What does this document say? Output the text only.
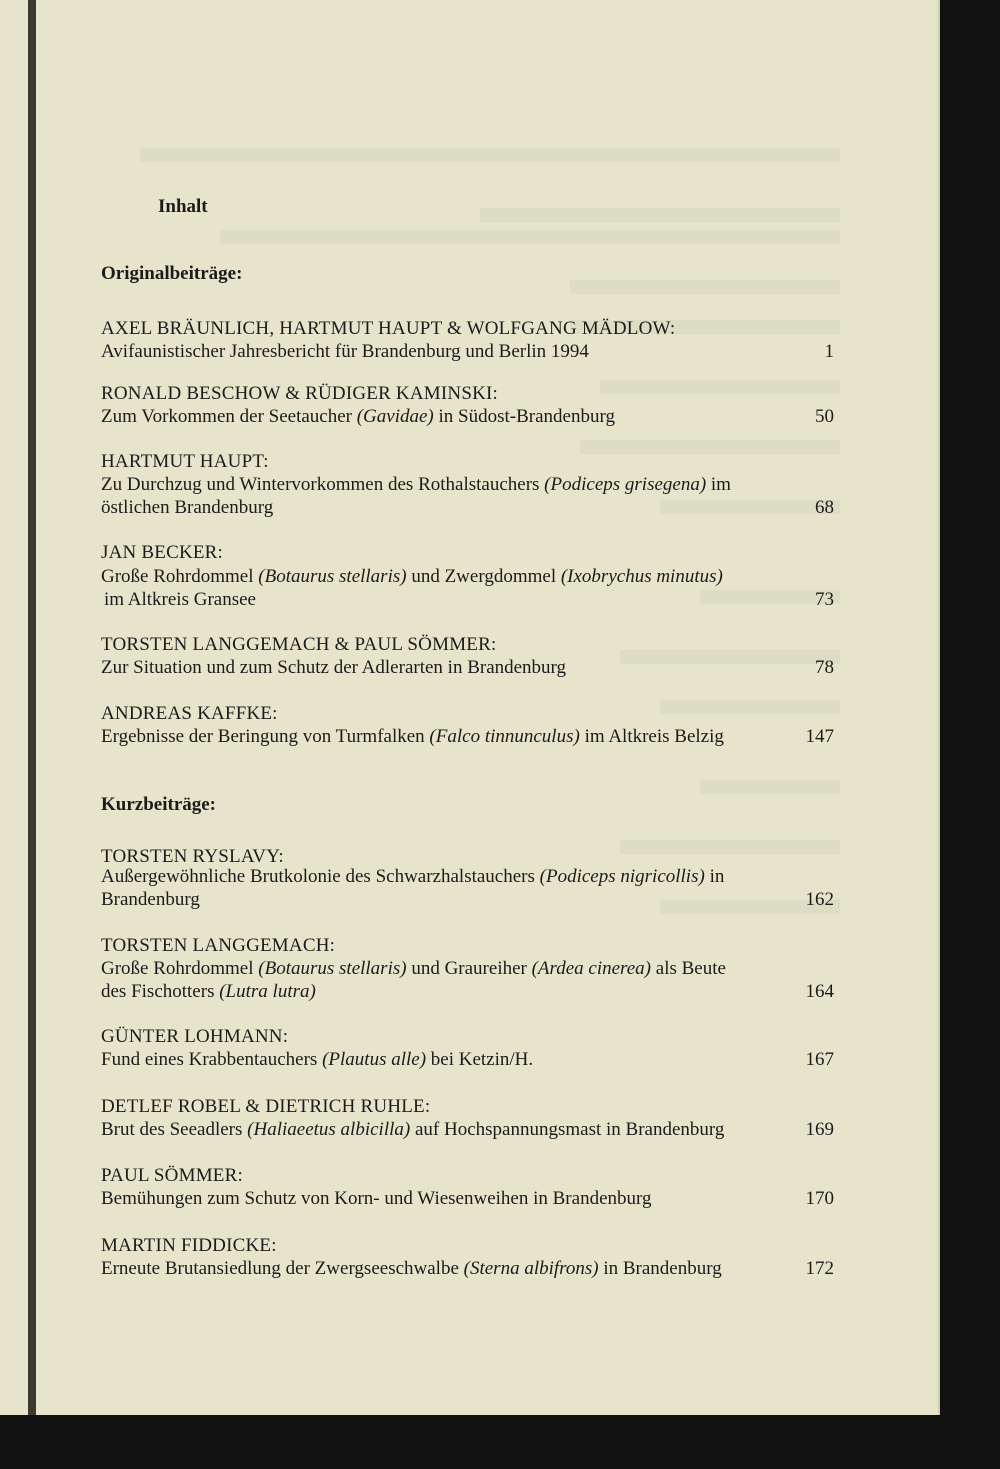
Inhalt
Originalbeiträge:
AXEL BRÄUNLICH, HARTMUT HAUPT & WOLFGANG MÄDLOW:
Avifaunistischer Jahresbericht für Brandenburg und Berlin 1994	1
RONALD BESCHOW & RÜDIGER KAMINSKI:
Zum Vorkommen der Seetaucher (Gavidae) in Südost-Brandenburg	50
HARTMUT HAUPT:
Zu Durchzug und Wintervorkommen des Rothalstauchers (Podiceps grisegena) im
östlichen Brandenburg	68
JAN BECKER:
Große Rohrdommel (Botaurus stellaris) und Zwergdommel (Ixobrychus minutus)
im Altkreis Gransee	73
TORSTEN LANGGEMACH & PAUL SÖMMER:
Zur Situation und zum Schutz der Adlerarten in Brandenburg	78
ANDREAS KAFFKE:
Ergebnisse der Beringung von Turmfalken (Falco tinnunculus) im Altkreis Belzig	147
Kurzbeiträge:
TORSTEN RYSLAVY:
Außergewöhnliche Brutkolonie des Schwarzhalstauchers (Podiceps nigricollis) in
Brandenburg	162
TORSTEN LANGGEMACH:
Große Rohrdommel (Botaurus stellaris) und Graureiher (Ardea cinerea) als Beute
des Fischotters (Lutra lutra)	164
GÜNTER LOHMANN:
Fund eines Krabbentauchers (Plautus alle) bei Ketzin/H.	167
DETLEF ROBEL & DIETRICH RUHLE:
Brut des Seeadlers (Haliaeetus albicilla) auf Hochspannungsmast in Brandenburg	169
PAUL SÖMMER:
Bemühungen zum Schutz von Korn- und Wiesenweihen in Brandenburg	170
MARTIN FIDDICKE:
Erneute Brutansiedlung der Zwergseeschwalbe (Sterna albifrons) in Brandenburg	172
